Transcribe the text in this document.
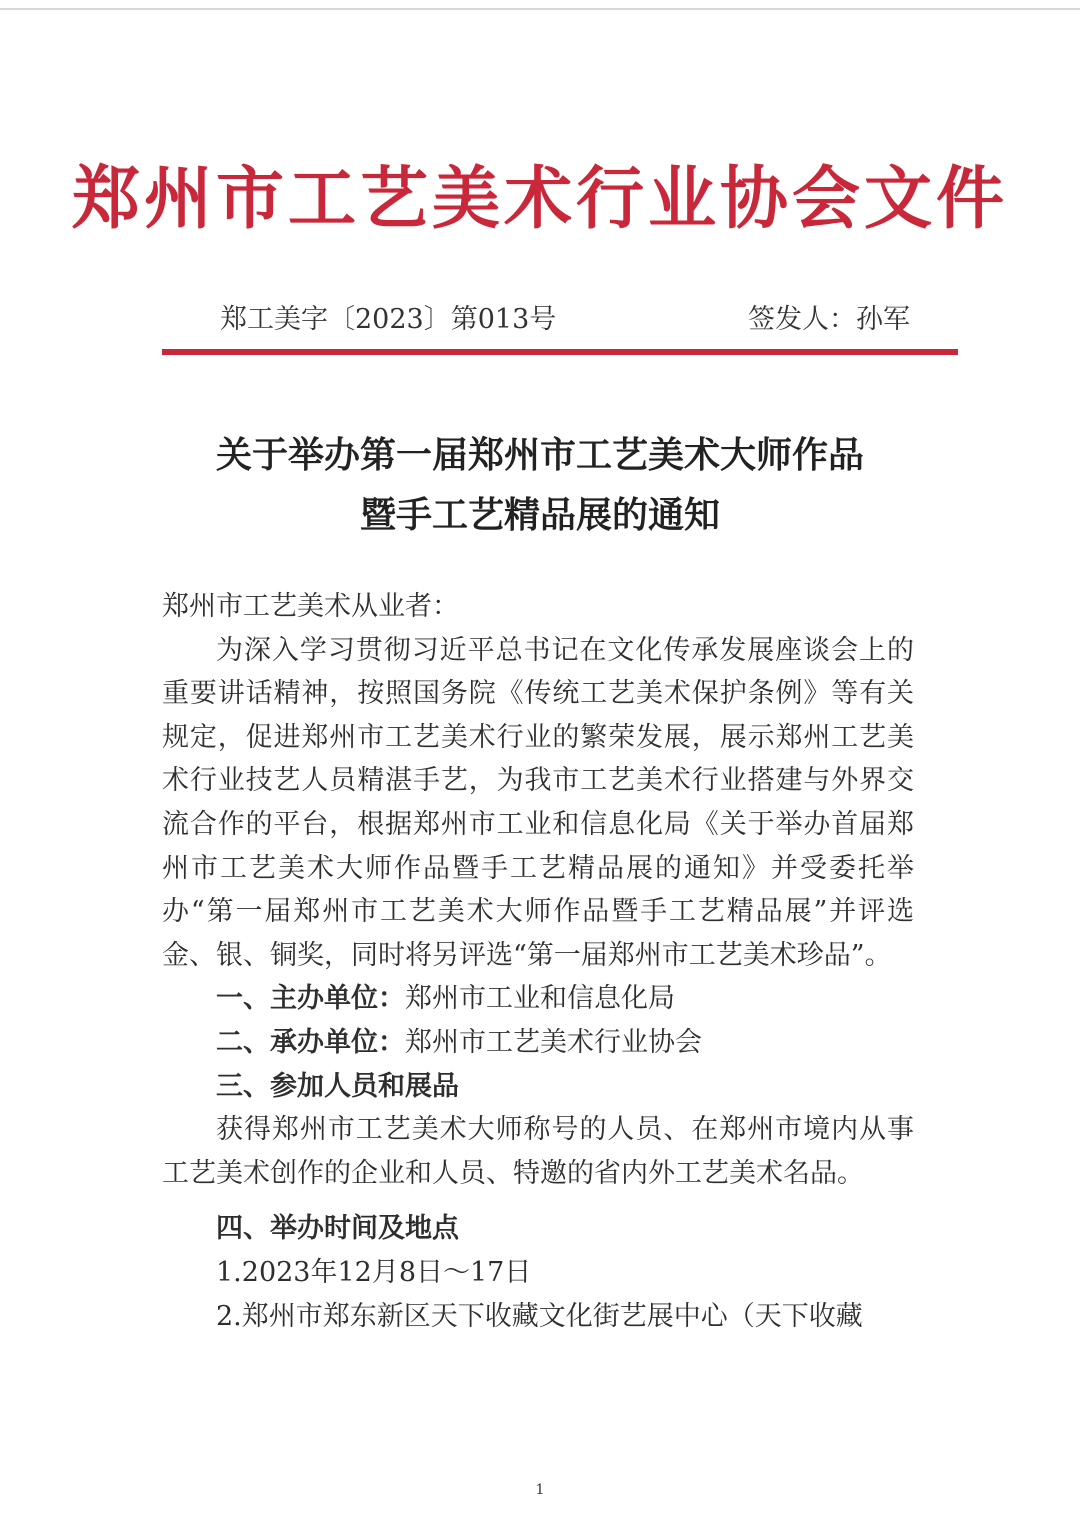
郑州市工艺美术行业协会文件
郑工美字〔2023〕第013号	签发人：孙军
关于举办第一届郑州市工艺美术大师作品
暨手工艺精品展的通知

郑州市工艺美术从业者：

为深入学习贯彻习近平总书记在文化传承发展座谈会上的重要讲话精神，按照国务院《传统工艺美术保护条例》等有关规定，促进郑州市工艺美术行业的繁荣发展，展示郑州工艺美术行业技艺人员精湛手艺，为我市工艺美术行业搭建与外界交流合作的平台，根据郑州市工业和信息化局《关于举办首届郑州市工艺美术大师作品暨手工艺精品展的通知》并受委托举办“第一届郑州市工艺美术大师作品暨手工艺精品展”并评选金、银、铜奖，同时将另评选“第一届郑州市工艺美术珍品”。

一、主办单位：郑州市工业和信息化局

二、承办单位：郑州市工艺美术行业协会

三、参加人员和展品

获得郑州市工艺美术大师称号的人员、在郑州市境内从事工艺美术创作的企业和人员、特邀的省内外工艺美术名品。

四、举办时间及地点

1.2023年12月8日～17日

2.郑州市郑东新区天下收藏文化街艺展中心（天下收藏

1
